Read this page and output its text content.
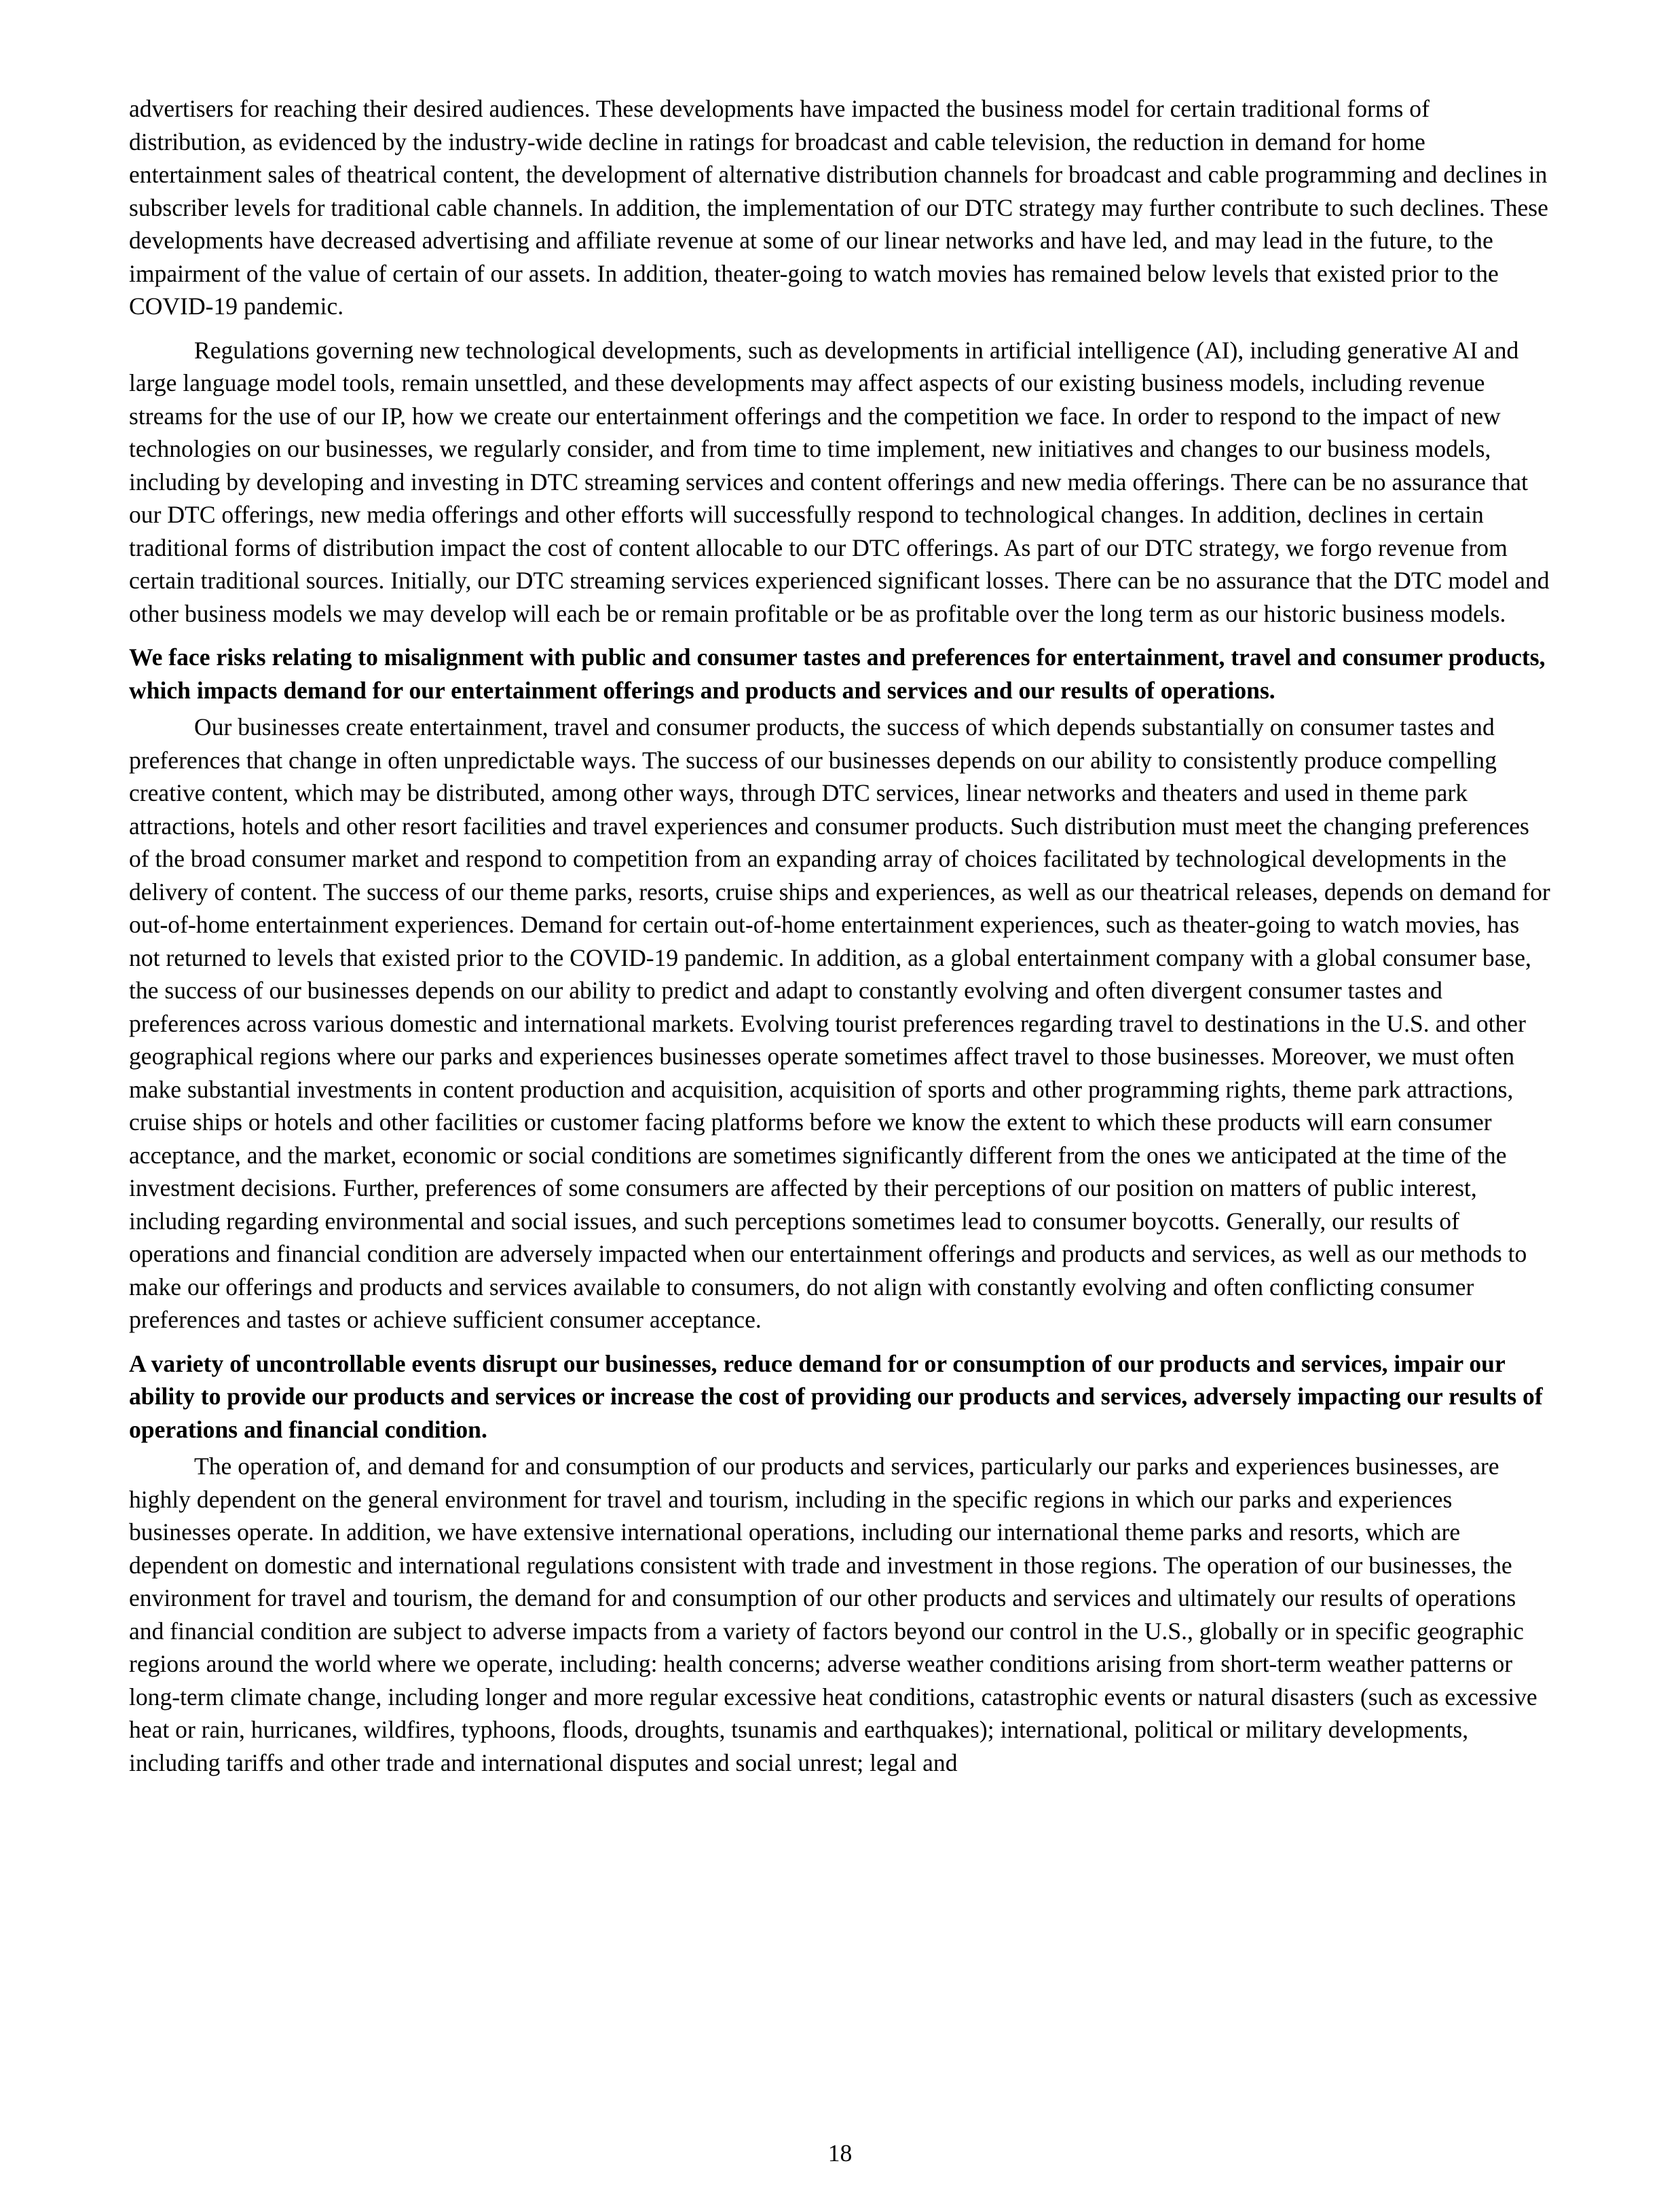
advertisers for reaching their desired audiences. These developments have impacted the business model for certain traditional forms of distribution, as evidenced by the industry-wide decline in ratings for broadcast and cable television, the reduction in demand for home entertainment sales of theatrical content, the development of alternative distribution channels for broadcast and cable programming and declines in subscriber levels for traditional cable channels. In addition, the implementation of our DTC strategy may further contribute to such declines. These developments have decreased advertising and affiliate revenue at some of our linear networks and have led, and may lead in the future, to the impairment of the value of certain of our assets. In addition, theater-going to watch movies has remained below levels that existed prior to the COVID-19 pandemic.

Regulations governing new technological developments, such as developments in artificial intelligence (AI), including generative AI and large language model tools, remain unsettled, and these developments may affect aspects of our existing business models, including revenue streams for the use of our IP, how we create our entertainment offerings and the competition we face. In order to respond to the impact of new technologies on our businesses, we regularly consider, and from time to time implement, new initiatives and changes to our business models, including by developing and investing in DTC streaming services and content offerings and new media offerings. There can be no assurance that our DTC offerings, new media offerings and other efforts will successfully respond to technological changes. In addition, declines in certain traditional forms of distribution impact the cost of content allocable to our DTC offerings. As part of our DTC strategy, we forgo revenue from certain traditional sources. Initially, our DTC streaming services experienced significant losses. There can be no assurance that the DTC model and other business models we may develop will each be or remain profitable or be as profitable over the long term as our historic business models.

We face risks relating to misalignment with public and consumer tastes and preferences for entertainment, travel and consumer products, which impacts demand for our entertainment offerings and products and services and our results of operations.

Our businesses create entertainment, travel and consumer products, the success of which depends substantially on consumer tastes and preferences that change in often unpredictable ways. The success of our businesses depends on our ability to consistently produce compelling creative content, which may be distributed, among other ways, through DTC services, linear networks and theaters and used in theme park attractions, hotels and other resort facilities and travel experiences and consumer products. Such distribution must meet the changing preferences of the broad consumer market and respond to competition from an expanding array of choices facilitated by technological developments in the delivery of content. The success of our theme parks, resorts, cruise ships and experiences, as well as our theatrical releases, depends on demand for out-of-home entertainment experiences. Demand for certain out-of-home entertainment experiences, such as theater-going to watch movies, has not returned to levels that existed prior to the COVID-19 pandemic. In addition, as a global entertainment company with a global consumer base, the success of our businesses depends on our ability to predict and adapt to constantly evolving and often divergent consumer tastes and preferences across various domestic and international markets. Evolving tourist preferences regarding travel to destinations in the U.S. and other geographical regions where our parks and experiences businesses operate sometimes affect travel to those businesses. Moreover, we must often make substantial investments in content production and acquisition, acquisition of sports and other programming rights, theme park attractions, cruise ships or hotels and other facilities or customer facing platforms before we know the extent to which these products will earn consumer acceptance, and the market, economic or social conditions are sometimes significantly different from the ones we anticipated at the time of the investment decisions. Further, preferences of some consumers are affected by their perceptions of our position on matters of public interest, including regarding environmental and social issues, and such perceptions sometimes lead to consumer boycotts. Generally, our results of operations and financial condition are adversely impacted when our entertainment offerings and products and services, as well as our methods to make our offerings and products and services available to consumers, do not align with constantly evolving and often conflicting consumer preferences and tastes or achieve sufficient consumer acceptance.

A variety of uncontrollable events disrupt our businesses, reduce demand for or consumption of our products and services, impair our ability to provide our products and services or increase the cost of providing our products and services, adversely impacting our results of operations and financial condition.

The operation of, and demand for and consumption of our products and services, particularly our parks and experiences businesses, are highly dependent on the general environment for travel and tourism, including in the specific regions in which our parks and experiences businesses operate. In addition, we have extensive international operations, including our international theme parks and resorts, which are dependent on domestic and international regulations consistent with trade and investment in those regions. The operation of our businesses, the environment for travel and tourism, the demand for and consumption of our other products and services and ultimately our results of operations and financial condition are subject to adverse impacts from a variety of factors beyond our control in the U.S., globally or in specific geographic regions around the world where we operate, including: health concerns; adverse weather conditions arising from short-term weather patterns or long-term climate change, including longer and more regular excessive heat conditions, catastrophic events or natural disasters (such as excessive heat or rain, hurricanes, wildfires, typhoons, floods, droughts, tsunamis and earthquakes); international, political or military developments, including tariffs and other trade and international disputes and social unrest; legal and

18
